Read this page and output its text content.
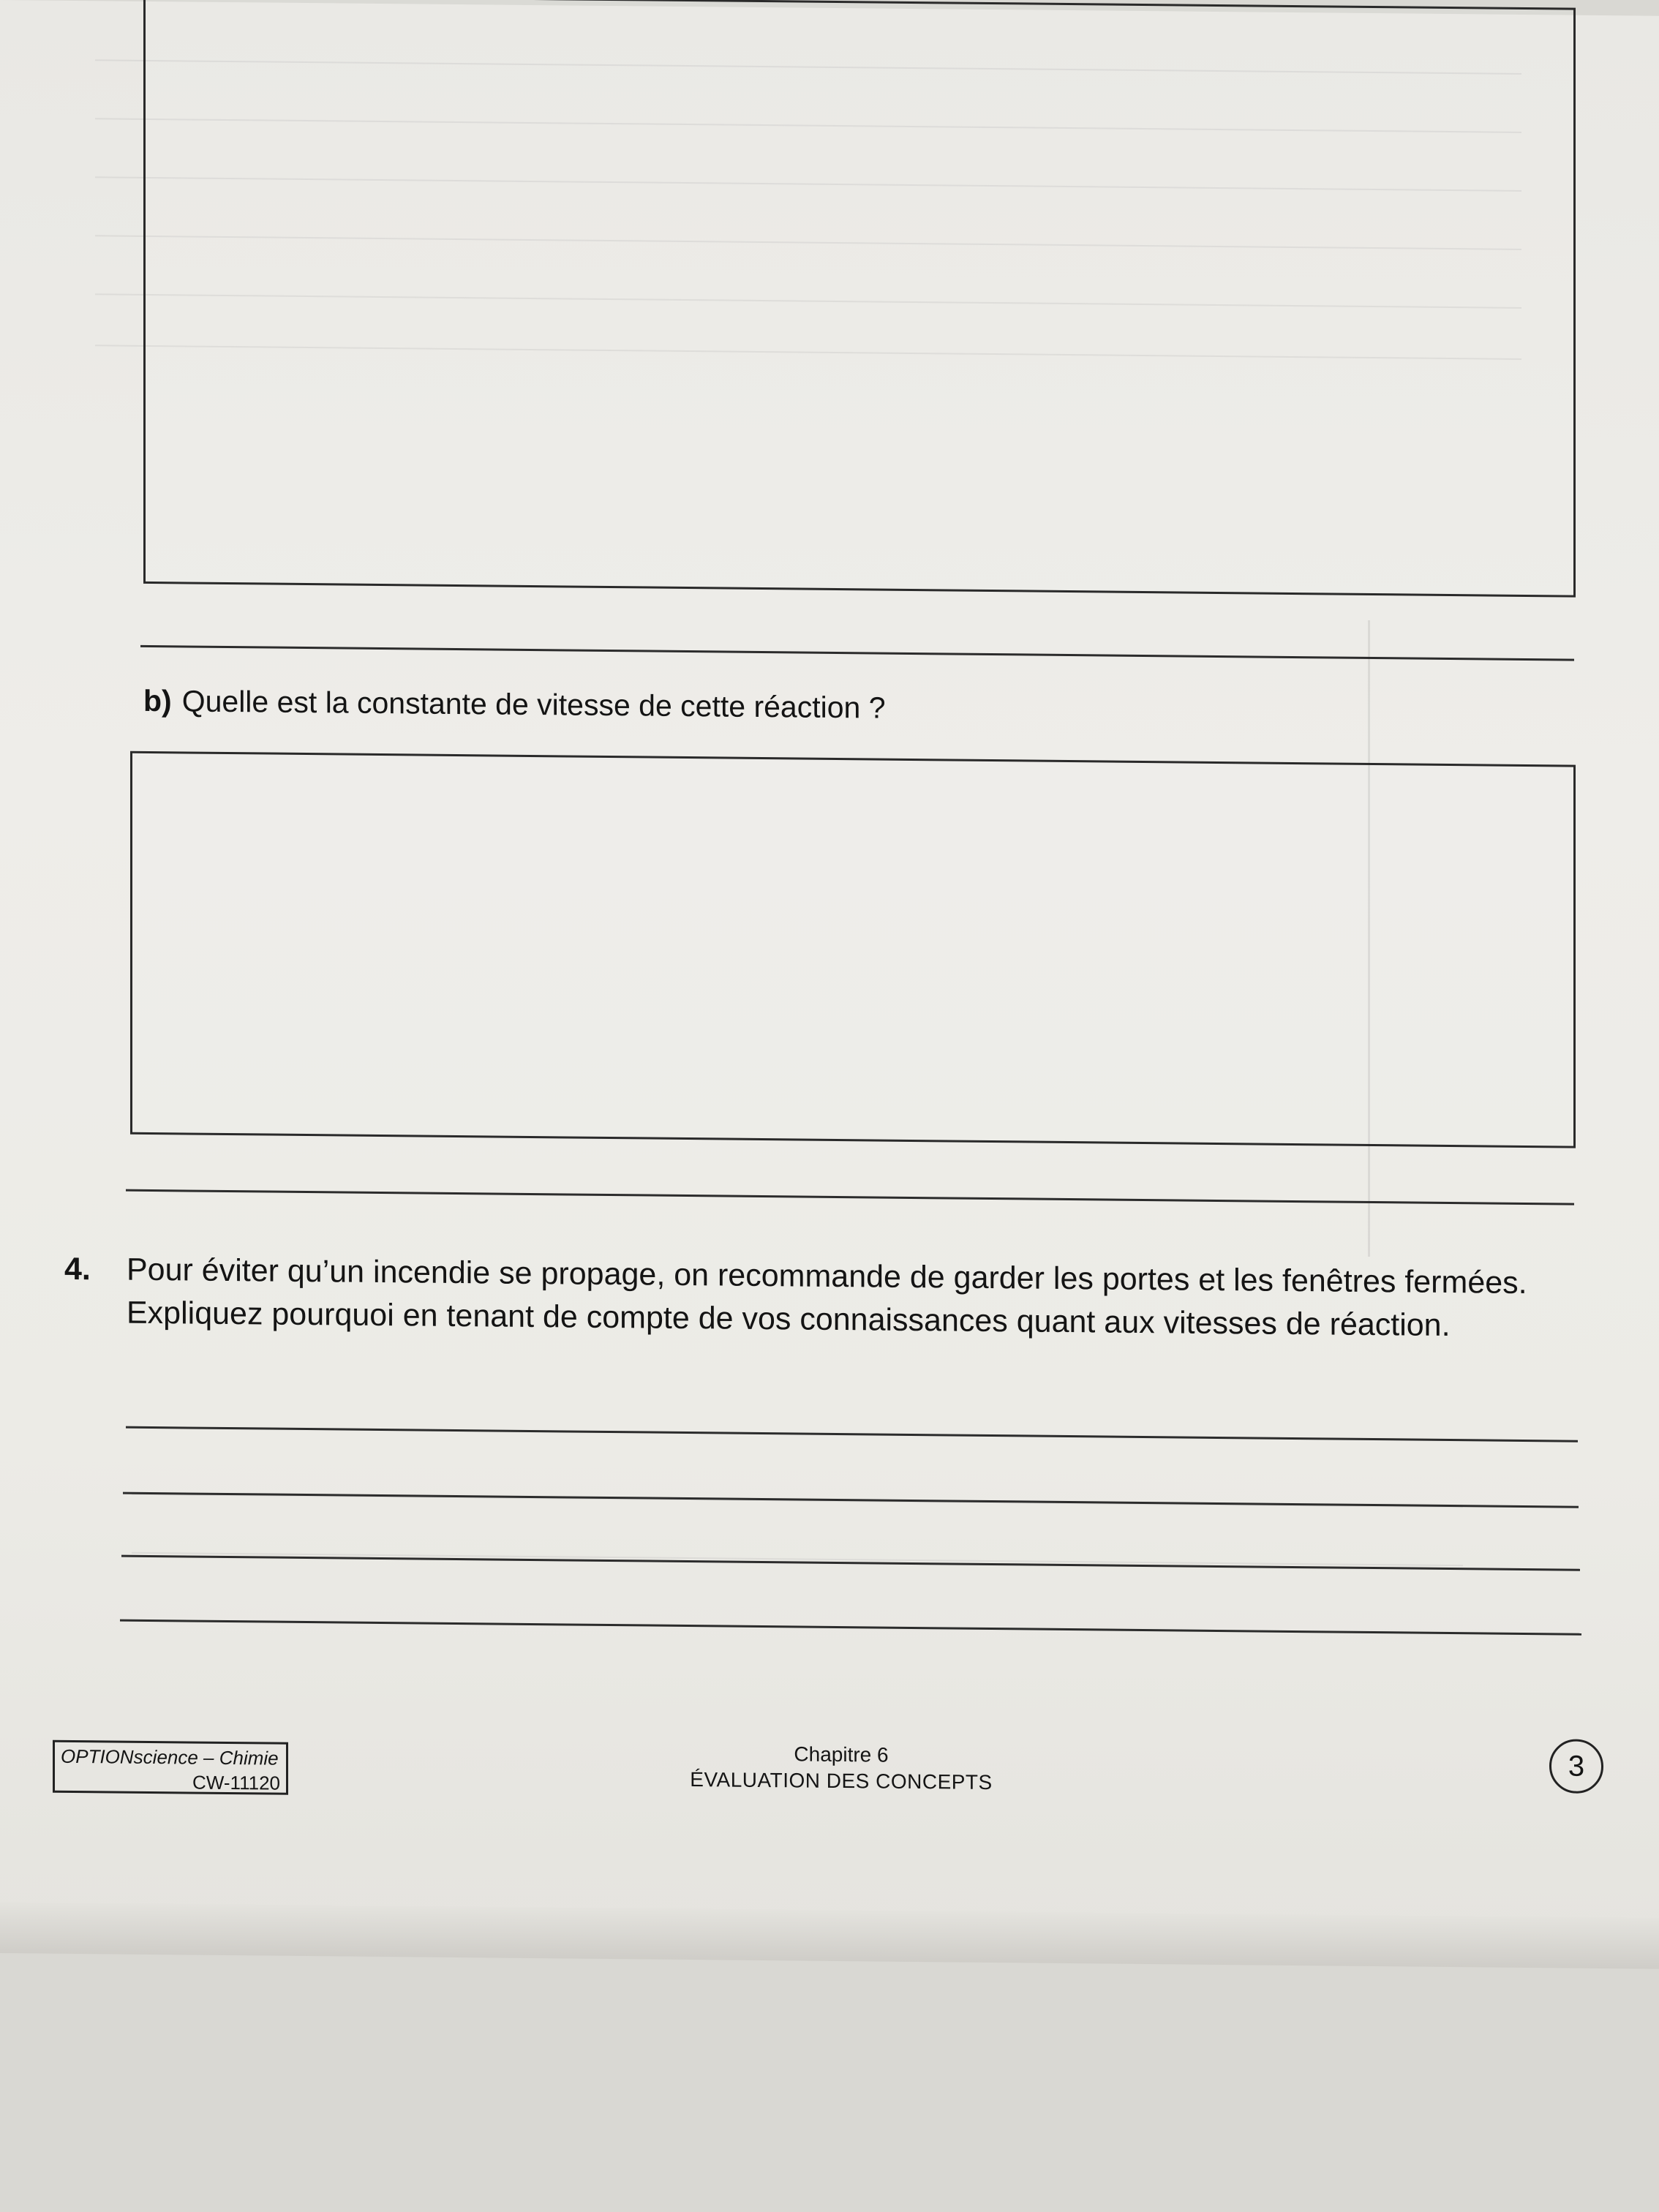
b) Quelle est la constante de vitesse de cette réaction ?
4. Pour éviter qu’un incendie se propage, on recommande de garder les portes et les fenêtres fermées. Expliquez pourquoi en tenant de compte de vos connaissances quant aux vitesses de réaction.
OPTIONscience – Chimie
CW-11120
Chapitre 6
ÉVALUATION DES CONCEPTS	3
